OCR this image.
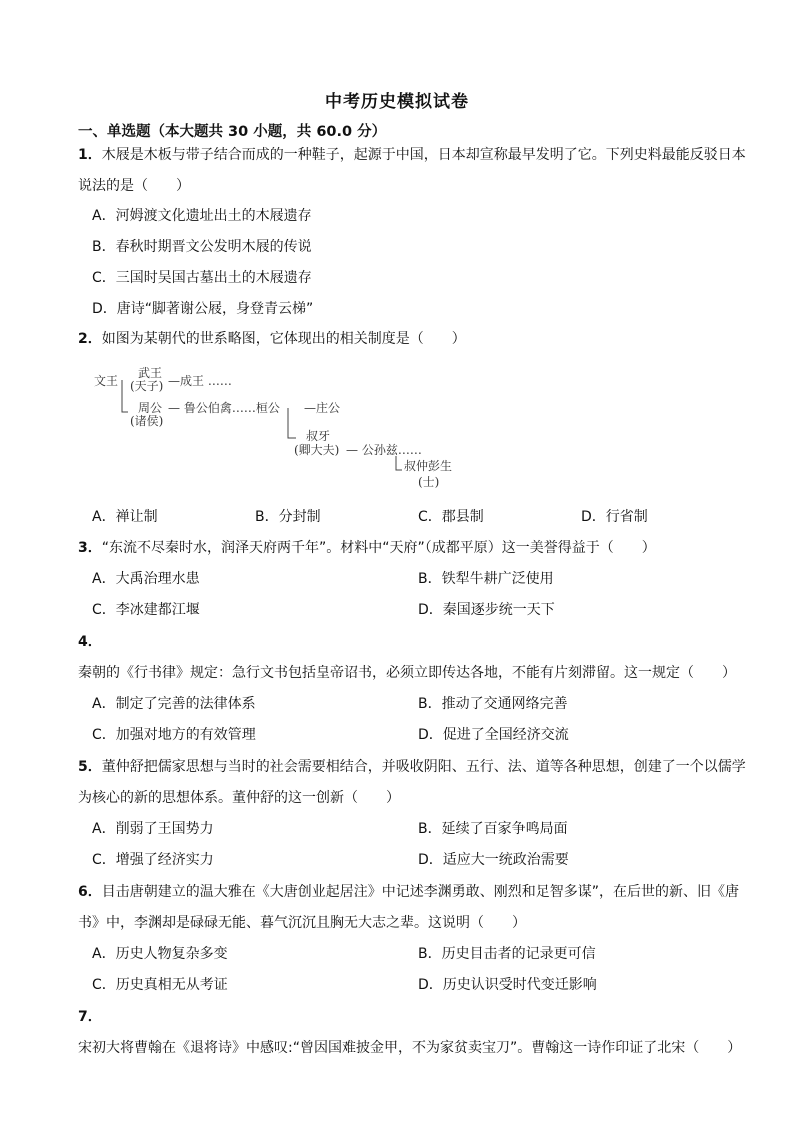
中考历史模拟试卷
一、单选题（本大题共 30 小题，共 60.0 分）
1．木屐是木板与带子结合而成的一种鞋子，起源于中国，日本却宣称最早发明了它。下列史料最能反驳日本说法的是（　　）
A．河姆渡文化遗址出土的木屐遗存
B．春秋时期晋文公发明木屐的传说
C．三国时吴国古墓出土的木屐遗存
D．唐诗“脚著谢公屐，身登青云梯”
2．如图为某朝代的世系略图，它体现出的相关制度是（　　）
文王
武王
(天子) —成王 ……
周公
(诸侯)
— 鲁公伯禽……桓公 —庄公
叔牙
(卿大夫) — 公孙兹……
叔仲彭生
(士)
A．禅让制	B．分封制	C．郡县制	D．行省制
3．“东流不尽秦时水，润泽天府两千年”。材料中“天府”（成都平原）这一美誉得益于（　　）
A．大禹治理水患	B．铁犁牛耕广泛使用
C．李冰建都江堰	D．秦国逐步统一天下
4．秦朝的《行书律》规定：急行文书包括皇帝诏书，必须立即传达各地，不能有片刻滞留。这一规定（　　）
A．制定了完善的法律体系	B．推动了交通网络完善
C．加强对地方的有效管理	D．促进了全国经济交流
5．董仲舒把儒家思想与当时的社会需要相结合，并吸收阴阳、五行、法、道等各种思想，创建了一个以儒学为核心的新的思想体系。董仲舒的这一创新（　　）
A．削弱了王国势力	B．延续了百家争鸣局面
C．增强了经济实力	D．适应大一统政治需要
6．目击唐朝建立的温大雅在《大唐创业起居注》中记述李渊勇敢、刚烈和足智多谋”，在后世的新、旧《唐书》中，李渊却是碌碌无能、暮气沉沉且胸无大志之辈。这说明（　　）
A．历史人物复杂多变	B．历史目击者的记录更可信
C．历史真相无从考证	D．历史认识受时代变迁影响
7．宋初大将曹翰在《退将诗》中感叹:“曾因国难披金甲，不为家贫卖宝刀”。曹翰这一诗作印证了北宋（　　）
